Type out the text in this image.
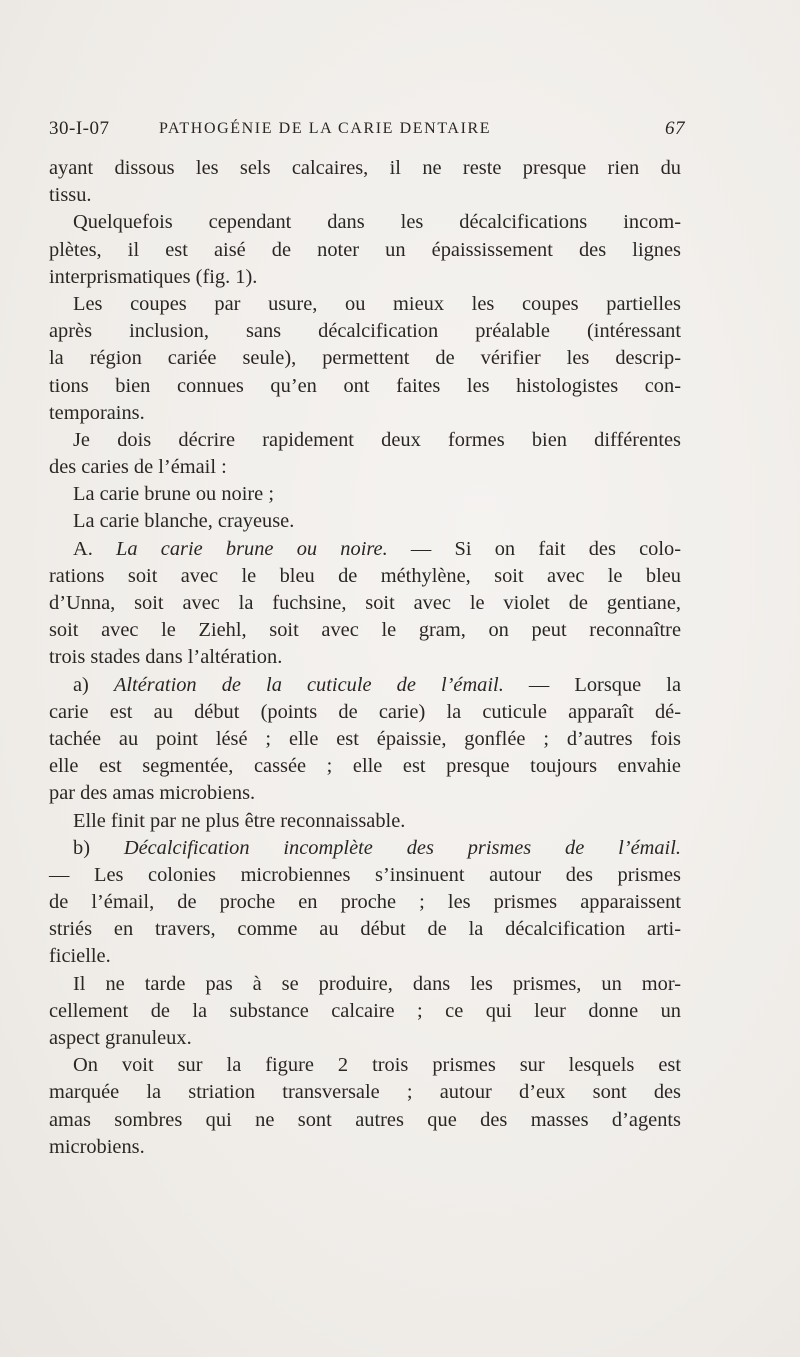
30-I-07	PATHOGÉNIE DE LA CARIE DENTAIRE	67
ayant dissous les sels calcaires, il ne reste presque rien du
tissu.
Quelquefois cependant dans les décalcifications incom-
plètes, il est aisé de noter un épaississement des lignes
interprismatiques (fig. 1).
Les coupes par usure, ou mieux les coupes partielles
après inclusion, sans décalcification préalable (intéressant
la région cariée seule), permettent de vérifier les descrip-
tions bien connues qu’en ont faites les histologistes con-
temporains.
Je dois décrire rapidement deux formes bien différentes
des caries de l’émail :
La carie brune ou noire ;
La carie blanche, crayeuse.
A. La carie brune ou noire. — Si on fait des colo-
rations soit avec le bleu de méthylène, soit avec le bleu
d’Unna, soit avec la fuchsine, soit avec le violet de gentiane,
soit avec le Ziehl, soit avec le gram, on peut reconnaître
trois stades dans l’altération.
a) Altération de la cuticule de l’émail. — Lorsque la
carie est au début (points de carie) la cuticule apparaît dé-
tachée au point lésé ; elle est épaissie, gonflée ; d’autres fois
elle est segmentée, cassée ; elle est presque toujours envahie
par des amas microbiens.
Elle finit par ne plus être reconnaissable.
b) Décalcification incomplète des prismes de l’émail.
— Les colonies microbiennes s’insinuent autour des prismes
de l’émail, de proche en proche ; les prismes apparaissent
striés en travers, comme au début de la décalcification arti-
ficielle.
Il ne tarde pas à se produire, dans les prismes, un mor-
cellement de la substance calcaire ; ce qui leur donne un
aspect granuleux.
On voit sur la figure 2 trois prismes sur lesquels est
marquée la striation transversale ; autour d’eux sont des
amas sombres qui ne sont autres que des masses d’agents
microbiens.
